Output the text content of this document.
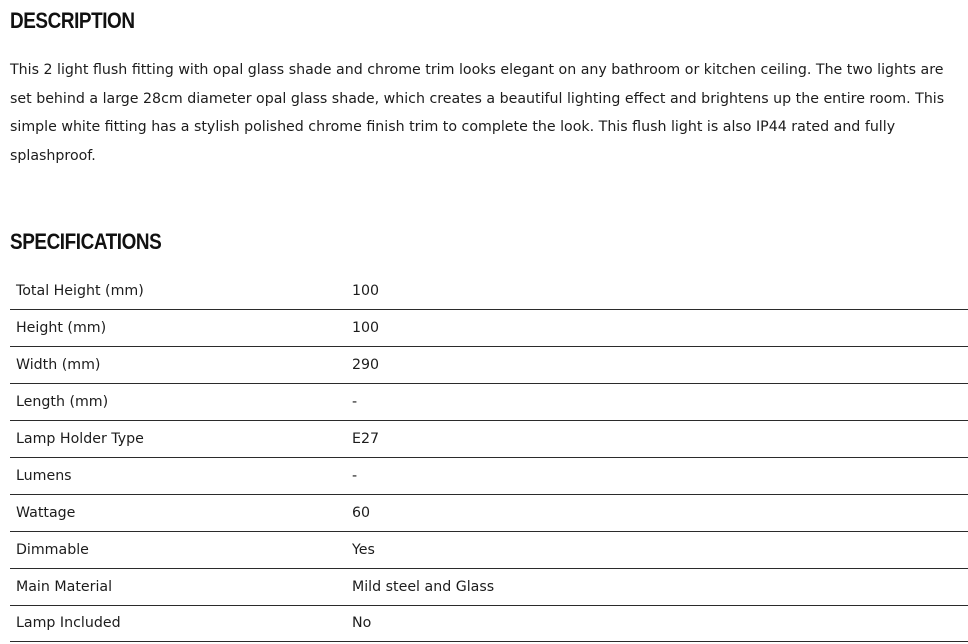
DESCRIPTION

This 2 light flush fitting with opal glass shade and chrome trim looks elegant on any bathroom or kitchen ceiling. The two lights are set behind a large 28cm diameter opal glass shade, which creates a beautiful lighting effect and brightens up the entire room. This simple white fitting has a stylish polished chrome finish trim to complete the look. This flush light is also IP44 rated and fully splashproof.

SPECIFICATIONS
Total Height (mm)	100
Height (mm)	100
Width (mm)	290
Length (mm)	-
Lamp Holder Type	E27
Lumens	-
Wattage	60
Dimmable	Yes
Main Material	Mild steel and Glass
Lamp Included	No
